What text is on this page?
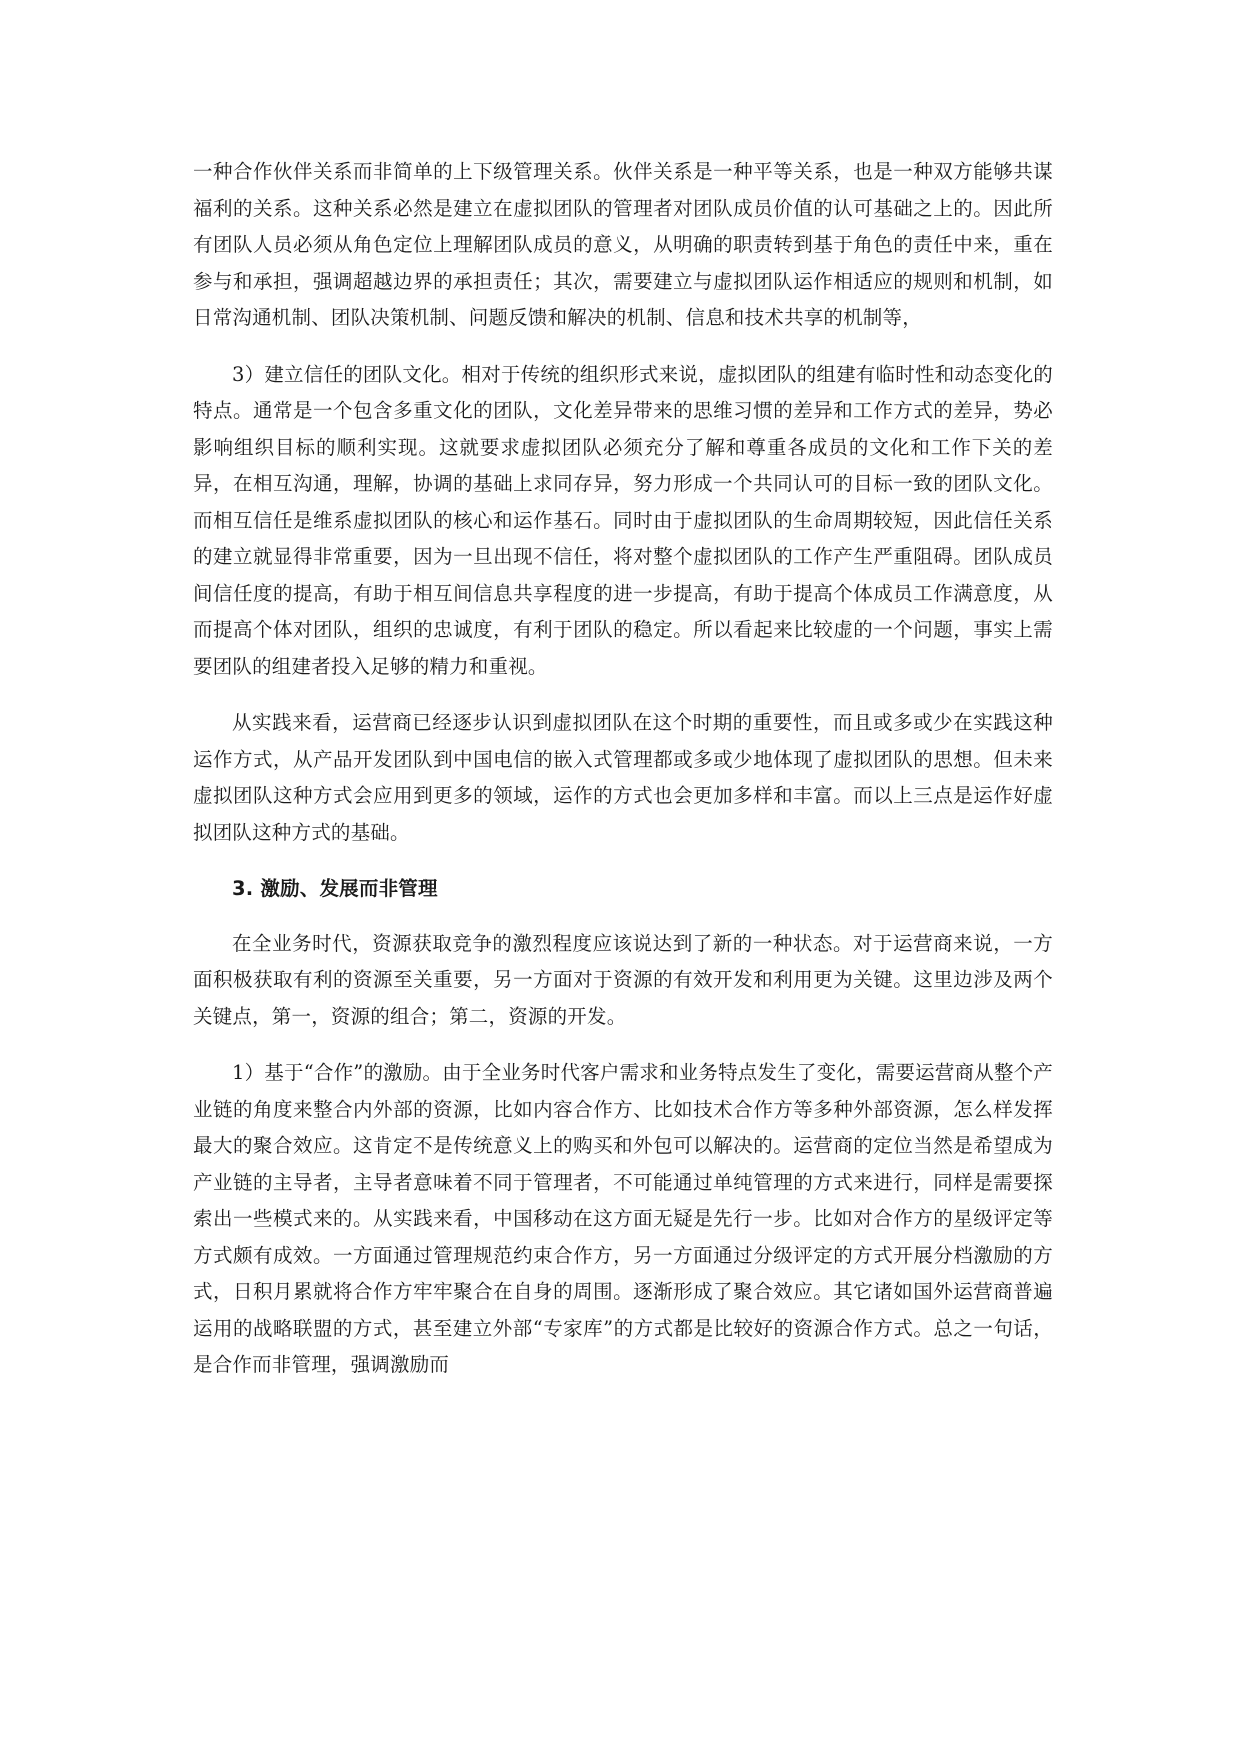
一种合作伙伴关系而非简单的上下级管理关系。伙伴关系是一种平等关系，也是一种双方能够共谋福利的关系。这种关系必然是建立在虚拟团队的管理者对团队成员价值的认可基础之上的。因此所有团队人员必须从角色定位上理解团队成员的意义，从明确的职责转到基于角色的责任中来，重在参与和承担，强调超越边界的承担责任；其次，需要建立与虚拟团队运作相适应的规则和机制，如日常沟通机制、团队决策机制、问题反馈和解决的机制、信息和技术共享的机制等，

3）建立信任的团队文化。相对于传统的组织形式来说，虚拟团队的组建有临时性和动态变化的特点。通常是一个包含多重文化的团队，文化差异带来的思维习惯的差异和工作方式的差异，势必影响组织目标的顺利实现。这就要求虚拟团队必须充分了解和尊重各成员的文化和工作下关的差异，在相互沟通，理解，协调的基础上求同存异，努力形成一个共同认可的目标一致的团队文化。而相互信任是维系虚拟团队的核心和运作基石。同时由于虚拟团队的生命周期较短，因此信任关系的建立就显得非常重要，因为一旦出现不信任，将对整个虚拟团队的工作产生严重阻碍。团队成员间信任度的提高，有助于相互间信息共享程度的进一步提高，有助于提高个体成员工作满意度，从而提高个体对团队，组织的忠诚度，有利于团队的稳定。所以看起来比较虚的一个问题，事实上需要团队的组建者投入足够的精力和重视。

从实践来看，运营商已经逐步认识到虚拟团队在这个时期的重要性，而且或多或少在实践这种运作方式，从产品开发团队到中国电信的嵌入式管理都或多或少地体现了虚拟团队的思想。但未来虚拟团队这种方式会应用到更多的领域，运作的方式也会更加多样和丰富。而以上三点是运作好虚拟团队这种方式的基础。

3. 激励、发展而非管理

在全业务时代，资源获取竞争的激烈程度应该说达到了新的一种状态。对于运营商来说，一方面积极获取有利的资源至关重要，另一方面对于资源的有效开发和利用更为关键。这里边涉及两个关键点，第一，资源的组合；第二，资源的开发。

1）基于“合作”的激励。由于全业务时代客户需求和业务特点发生了变化，需要运营商从整个产业链的角度来整合内外部的资源，比如内容合作方、比如技术合作方等多种外部资源，怎么样发挥最大的聚合效应。这肯定不是传统意义上的购买和外包可以解决的。运营商的定位当然是希望成为产业链的主导者，主导者意味着不同于管理者，不可能通过单纯管理的方式来进行，同样是需要探索出一些模式来的。从实践来看，中国移动在这方面无疑是先行一步。比如对合作方的星级评定等方式颇有成效。一方面通过管理规范约束合作方，另一方面通过分级评定的方式开展分档激励的方式，日积月累就将合作方牢牢聚合在自身的周围。逐渐形成了聚合效应。其它诸如国外运营商普遍运用的战略联盟的方式，甚至建立外部“专家库”的方式都是比较好的资源合作方式。总之一句话，是合作而非管理，强调激励而
